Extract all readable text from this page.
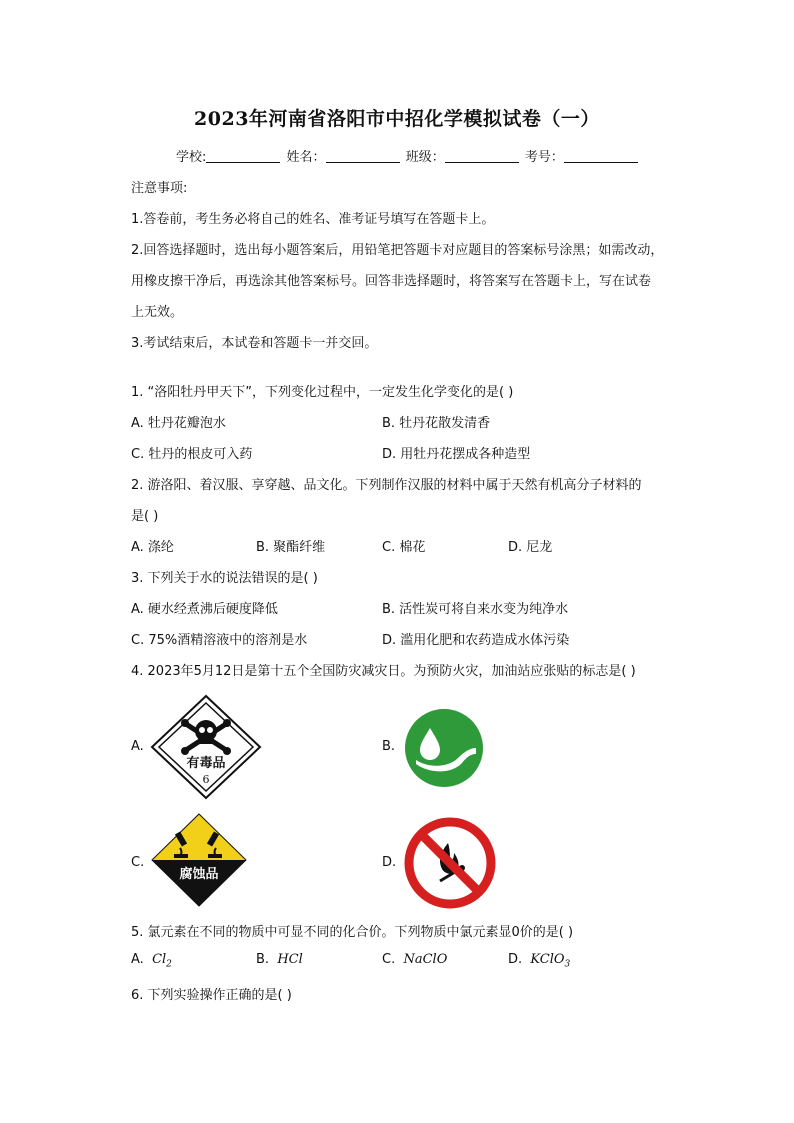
2023年河南省洛阳市中招化学模拟试卷（一）
学校:	姓名：	班级：	考号：
注意事项:
1.答卷前，考生务必将自己的姓名、准考证号填写在答题卡上。
2.回答选择题时，选出每小题答案后，用铅笔把答题卡对应题目的答案标号涂黑；如需改动，
用橡皮擦干净后，再选涂其他答案标号。回答非选择题时，将答案写在答题卡上，写在试卷
上无效。
3.考试结束后，本试卷和答题卡一并交回。
1. “洛阳牡丹甲天下”，下列变化过程中，一定发生化学变化的是( )
A. 牡丹花瓣泡水	B. 牡丹花散发清香
C. 牡丹的根皮可入药	D. 用牡丹花摆成各种造型
2. 游洛阳、着汉服、享穿越、品文化。下列制作汉服的材料中属于天然有机高分子材料的
是( )
A. 涤纶	B. 聚酯纤维	C. 棉花	D. 尼龙
3. 下列关于水的说法错误的是( )
A. 硬水经煮沸后硬度降低	B. 活性炭可将自来水变为纯净水
C. 75%酒精溶液中的溶剂是水	D. 滥用化肥和农药造成水体污染
4. 2023年5月12日是第十五个全国防灾减灾日。为预防火灾，加油站应张贴的标志是( )
A.
有毒品
6
B.
C.
腐蚀品
D.
5. 氯元素在不同的物质中可显不同的化合价。下列物质中氯元素显0价的是( )
A. $Cl_2$	B. HCl	C. NaClO	D. KClO$_3$
6. 下列实验操作正确的是( )
